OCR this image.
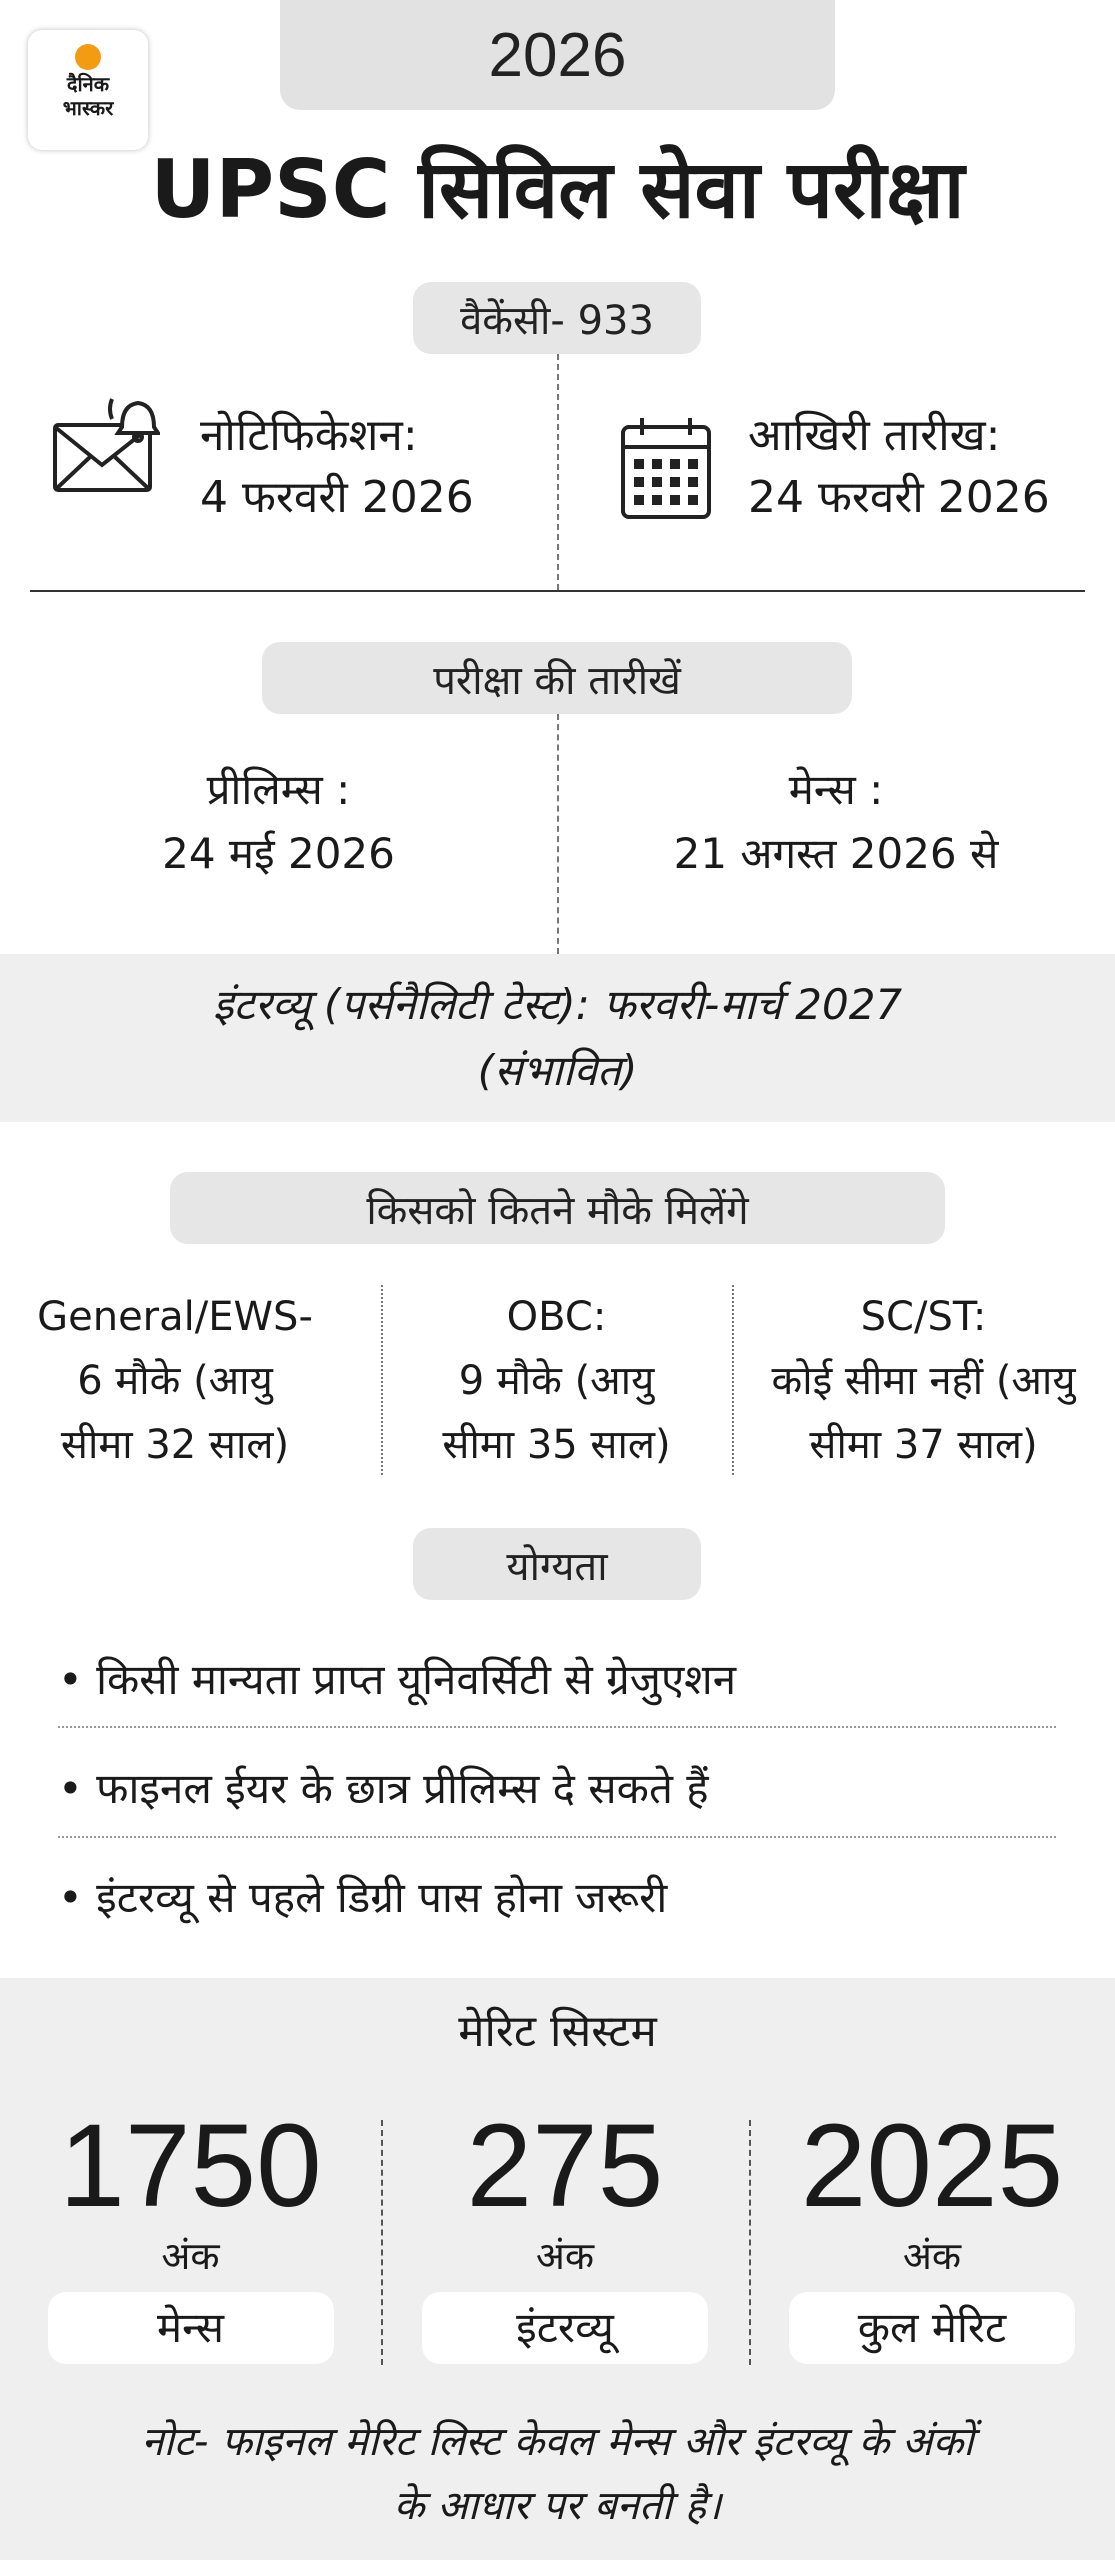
2026
दैनिक
भास्कर
UPSC सिविल सेवा परीक्षा
वैकेंसी- 933
नोटिफिकेशन:
4 फरवरी 2026
आखिरी तारीख:
24 फरवरी 2026
परीक्षा की तारीखें
प्रीलिम्स :
24 मई 2026
मेन्स :
21 अगस्त 2026 से
इंटरव्यू (पर्सनैलिटी टेस्ट): फरवरी-मार्च 2027
(संभावित)
किसको कितने मौके मिलेंगे
General/EWS-
6 मौके (आयु
सीमा 32 साल)
OBC:
9 मौके (आयु
सीमा 35 साल)
SC/ST:
कोई सीमा नहीं (आयु
सीमा 37 साल)
योग्यता
• किसी मान्यता प्राप्त यूनिवर्सिटी से ग्रेजुएशन
• फाइनल ईयर के छात्र प्रीलिम्स दे सकते हैं
• इंटरव्यू से पहले डिग्री पास होना जरूरी
मेरिट सिस्टम
1750
अंक
मेन्स
275
अंक
इंटरव्यू
2025
अंक
कुल मेरिट
नोट- फाइनल मेरिट लिस्ट केवल मेन्स और इंटरव्यू के अंकों
के आधार पर बनती है।
